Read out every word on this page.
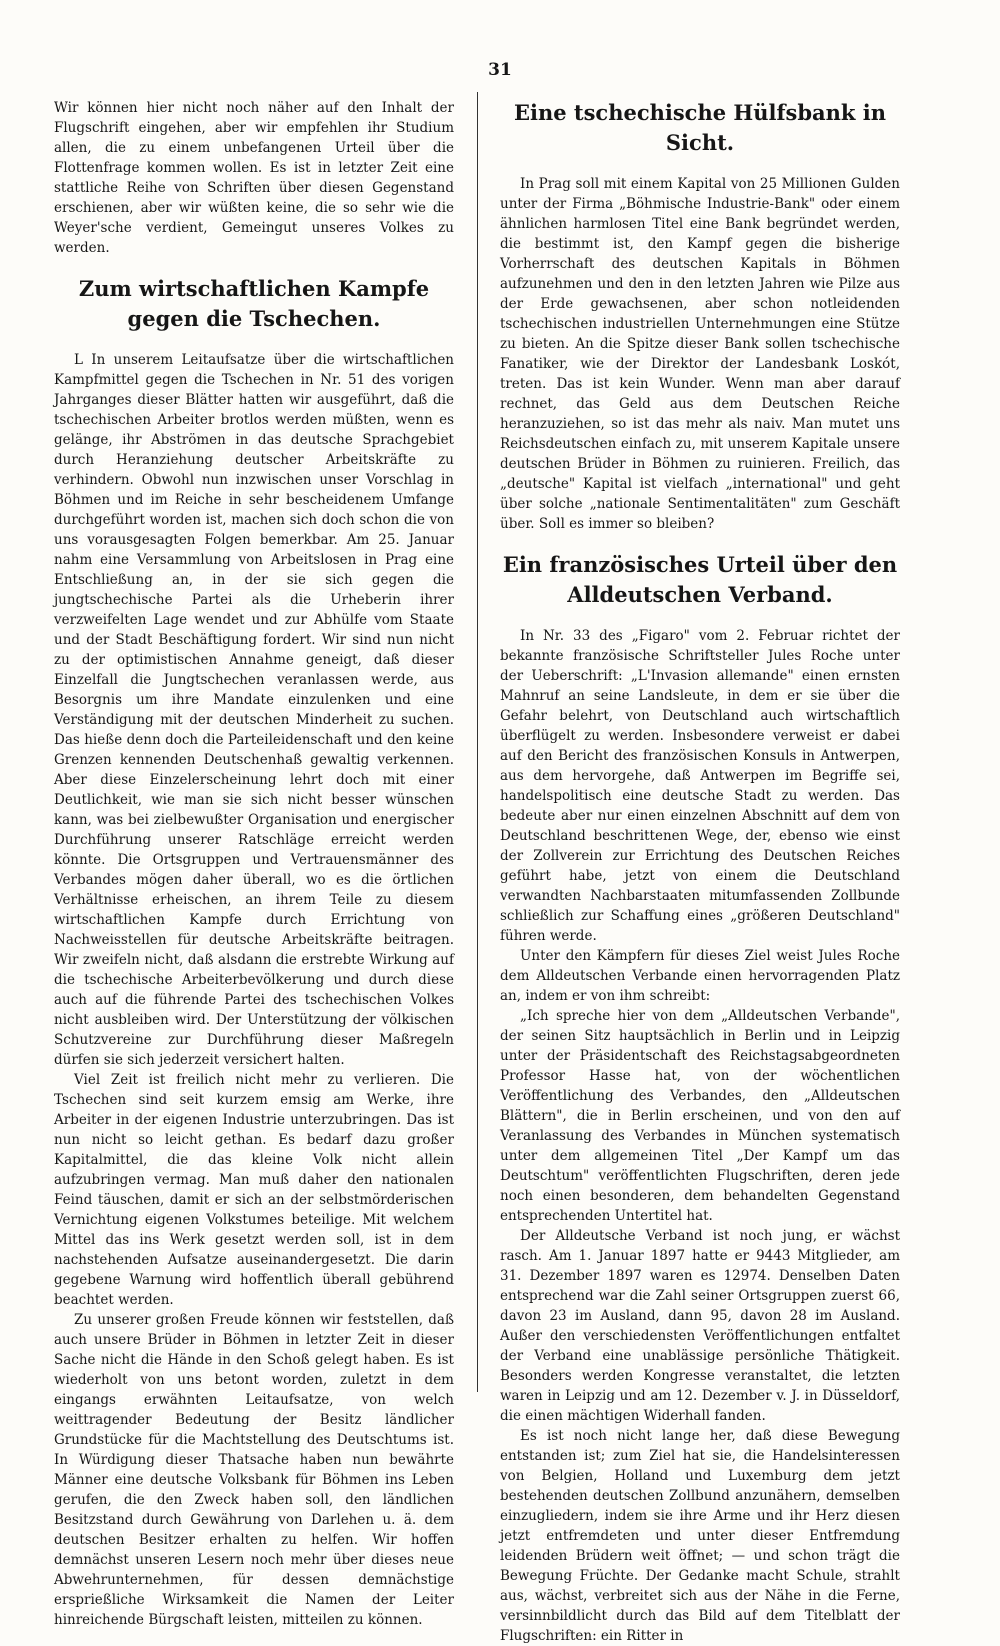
31

Wir können hier nicht noch näher auf den Inhalt der Flugschrift eingehen, aber wir empfehlen ihr Studium allen, die zu einem unbefangenen Urteil über die Flottenfrage kommen wollen. Es ist in letzter Zeit eine stattliche Reihe von Schriften über diesen Gegenstand erschienen, aber wir wüßten keine, die so sehr wie die Weyer'sche verdient, Gemeingut unseres Volkes zu werden.

Zum wirtschaftlichen Kampfe gegen die Tschechen.

L In unserem Leitaufsatze über die wirtschaftlichen Kampfmittel gegen die Tschechen in Nr. 51 des vorigen Jahrganges dieser Blätter hatten wir ausgeführt, daß die tschechischen Arbeiter brotlos werden müßten, wenn es gelänge, ihr Abströmen in das deutsche Sprachgebiet durch Heranziehung deutscher Arbeitskräfte zu verhindern. Obwohl nun inzwischen unser Vorschlag in Böhmen und im Reiche in sehr bescheidenem Umfange durchgeführt worden ist, machen sich doch schon die von uns vorausgesagten Folgen bemerkbar. Am 25. Januar nahm eine Versammlung von Arbeitslosen in Prag eine Entschließung an, in der sie sich gegen die jungtschechische Partei als die Urheberin ihrer verzweifelten Lage wendet und zur Abhülfe vom Staate und der Stadt Beschäftigung fordert. Wir sind nun nicht zu der optimistischen Annahme geneigt, daß dieser Einzelfall die Jungtschechen veranlassen werde, aus Besorgnis um ihre Mandate einzulenken und eine Verständigung mit der deutschen Minderheit zu suchen. Das hieße denn doch die Parteileidenschaft und den keine Grenzen kennenden Deutschenhaß gewaltig verkennen. Aber diese Einzelerscheinung lehrt doch mit einer Deutlichkeit, wie man sie sich nicht besser wünschen kann, was bei zielbewußter Organisation und energischer Durchführung unserer Ratschläge erreicht werden könnte. Die Ortsgruppen und Vertrauensmänner des Verbandes mögen daher überall, wo es die örtlichen Verhältnisse erheischen, an ihrem Teile zu diesem wirtschaftlichen Kampfe durch Errichtung von Nachweisstellen für deutsche Arbeitskräfte beitragen. Wir zweifeln nicht, daß alsdann die erstrebte Wirkung auf die tschechische Arbeiterbevölkerung und durch diese auch auf die führende Partei des tschechischen Volkes nicht ausbleiben wird. Der Unterstützung der völkischen Schutzvereine zur Durchführung dieser Maßregeln dürfen sie sich jederzeit versichert halten.

Viel Zeit ist freilich nicht mehr zu verlieren. Die Tschechen sind seit kurzem emsig am Werke, ihre Arbeiter in der eigenen Industrie unterzubringen. Das ist nun nicht so leicht gethan. Es bedarf dazu großer Kapitalmittel, die das kleine Volk nicht allein aufzubringen vermag. Man muß daher den nationalen Feind täuschen, damit er sich an der selbstmörderischen Vernichtung eigenen Volkstumes beteilige. Mit welchem Mittel das ins Werk gesetzt werden soll, ist in dem nachstehenden Aufsatze auseinandergesetzt. Die darin gegebene Warnung wird hoffentlich überall gebührend beachtet werden.

Zu unserer großen Freude können wir feststellen, daß auch unsere Brüder in Böhmen in letzter Zeit in dieser Sache nicht die Hände in den Schoß gelegt haben. Es ist wiederholt von uns betont worden, zuletzt in dem eingangs erwähnten Leitaufsatze, von welch weittragender Bedeutung der Besitz ländlicher Grundstücke für die Machtstellung des Deutschtums ist. In Würdigung dieser Thatsache haben nun bewährte Männer eine deutsche Volksbank für Böhmen ins Leben gerufen, die den Zweck haben soll, den ländlichen Besitzstand durch Gewährung von Darlehen u. ä. dem deutschen Besitzer erhalten zu helfen. Wir hoffen demnächst unseren Lesern noch mehr über dieses neue Abwehrunternehmen, für dessen demnächstige ersprießliche Wirksamkeit die Namen der Leiter hinreichende Bürgschaft leisten, mitteilen zu können.

Eine tschechische Hülfsbank in Sicht.

In Prag soll mit einem Kapital von 25 Millionen Gulden unter der Firma „Böhmische Industrie-Bank" oder einem ähnlichen harmlosen Titel eine Bank begründet werden, die bestimmt ist, den Kampf gegen die bisherige Vorherrschaft des deutschen Kapitals in Böhmen aufzunehmen und den in den letzten Jahren wie Pilze aus der Erde gewachsenen, aber schon notleidenden tschechischen industriellen Unternehmungen eine Stütze zu bieten. An die Spitze dieser Bank sollen tschechische Fanatiker, wie der Direktor der Landesbank Loskót, treten. Das ist kein Wunder. Wenn man aber darauf rechnet, das Geld aus dem Deutschen Reiche heranzuziehen, so ist das mehr als naiv. Man mutet uns Reichsdeutschen einfach zu, mit unserem Kapitale unsere deutschen Brüder in Böhmen zu ruinieren. Freilich, das „deutsche" Kapital ist vielfach „international" und geht über solche „nationale Sentimentalitäten" zum Geschäft über. Soll es immer so bleiben?

Ein französisches Urteil über den Alldeutschen Verband.

In Nr. 33 des „Figaro" vom 2. Februar richtet der bekannte französische Schriftsteller Jules Roche unter der Ueberschrift: „L'Invasion allemande" einen ernsten Mahnruf an seine Landsleute, in dem er sie über die Gefahr belehrt, von Deutschland auch wirtschaftlich überflügelt zu werden. Insbesondere verweist er dabei auf den Bericht des französischen Konsuls in Antwerpen, aus dem hervorgehe, daß Antwerpen im Begriffe sei, handelspolitisch eine deutsche Stadt zu werden. Das bedeute aber nur einen einzelnen Abschnitt auf dem von Deutschland beschrittenen Wege, der, ebenso wie einst der Zollverein zur Errichtung des Deutschen Reiches geführt habe, jetzt von einem die Deutschland verwandten Nachbarstaaten mitumfassenden Zollbunde schließlich zur Schaffung eines „größeren Deutschland" führen werde.

Unter den Kämpfern für dieses Ziel weist Jules Roche dem Alldeutschen Verbande einen hervorragenden Platz an, indem er von ihm schreibt:

„Ich spreche hier von dem „Alldeutschen Verbande", der seinen Sitz hauptsächlich in Berlin und in Leipzig unter der Präsidentschaft des Reichstagsabgeordneten Professor Hasse hat, von der wöchentlichen Veröffentlichung des Verbandes, den „Alldeutschen Blättern", die in Berlin erscheinen, und von den auf Veranlassung des Verbandes in München systematisch unter dem allgemeinen Titel „Der Kampf um das Deutschtum" veröffentlichten Flugschriften, deren jede noch einen besonderen, dem behandelten Gegenstand entsprechenden Untertitel hat.

Der Alldeutsche Verband ist noch jung, er wächst rasch. Am 1. Januar 1897 hatte er 9443 Mitglieder, am 31. Dezember 1897 waren es 12974. Denselben Daten entsprechend war die Zahl seiner Ortsgruppen zuerst 66, davon 23 im Ausland, dann 95, davon 28 im Ausland. Außer den verschiedensten Veröffentlichungen entfaltet der Verband eine unablässige persönliche Thätigkeit. Besonders werden Kongresse veranstaltet, die letzten waren in Leipzig und am 12. Dezember v. J. in Düsseldorf, die einen mächtigen Widerhall fanden.

Es ist noch nicht lange her, daß diese Bewegung entstanden ist; zum Ziel hat sie, die Handelsinteressen von Belgien, Holland und Luxemburg dem jetzt bestehenden deutschen Zollbund anzunähern, demselben einzugliedern, indem sie ihre Arme und ihr Herz diesen jetzt entfremdeten und unter dieser Entfremdung leidenden Brüdern weit öffnet; — und schon trägt die Bewegung Früchte. Der Gedanke macht Schule, strahlt aus, wächst, verbreitet sich aus der Nähe in die Ferne, versinnbildlicht durch das Bild auf dem Titelblatt der Flugschriften: ein Ritter in
